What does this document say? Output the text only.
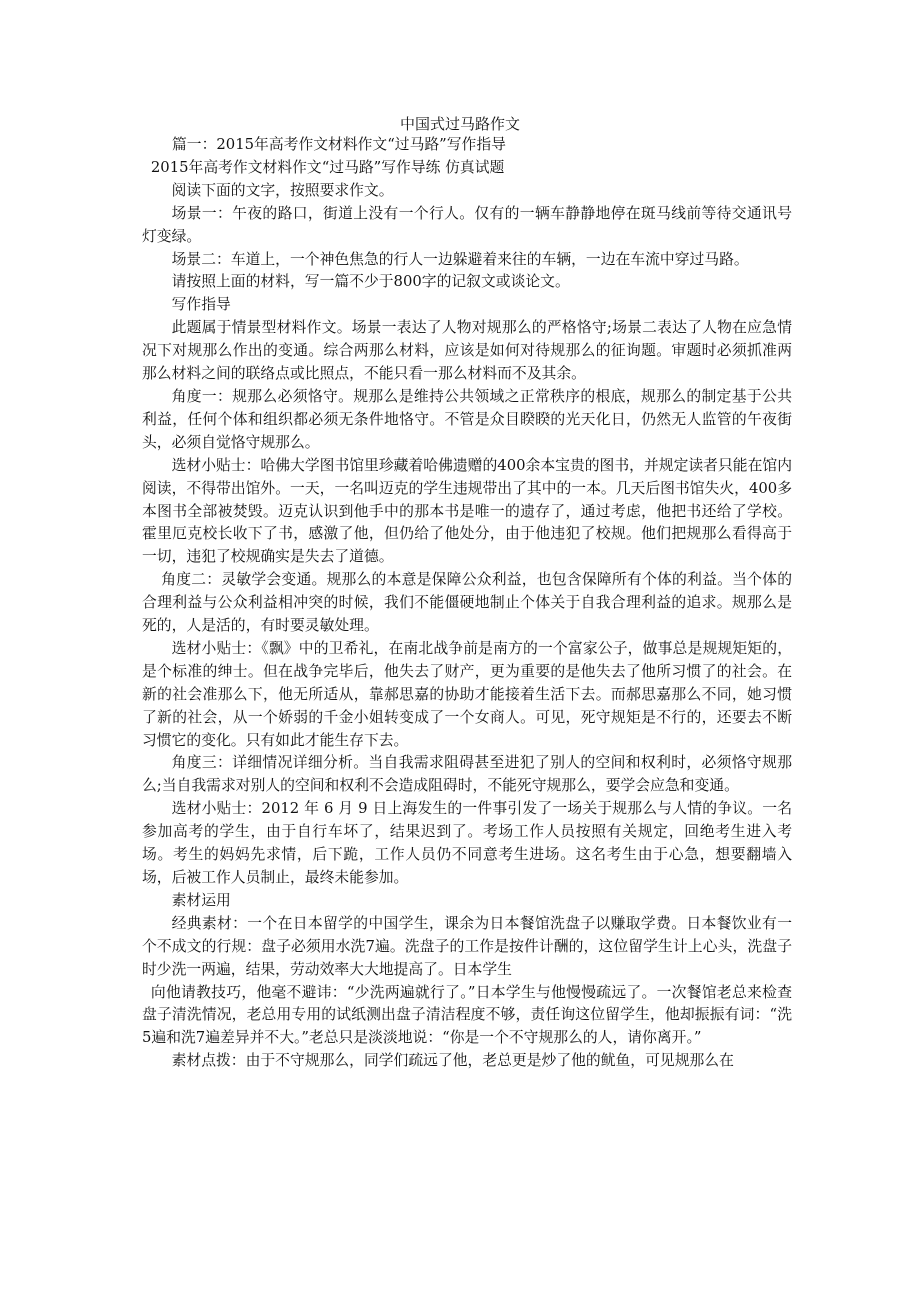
中国式过马路作文

篇一：2015年高考作文材料作文“过马路”写作指导

2015年高考作文材料作文“过马路”写作导练 仿真试题

阅读下面的文字，按照要求作文。

场景一：午夜的路口，街道上没有一个行人。仅有的一辆车静静地停在斑马线前等待交通讯号灯变绿。

场景二：车道上，一个神色焦急的行人一边躲避着来往的车辆，一边在车流中穿过马路。

请按照上面的材料，写一篇不少于800字的记叙文或谈论文。

写作指导

此题属于情景型材料作文。场景一表达了人物对规那么的严格恪守;场景二表达了人物在应急情况下对规那么作出的变通。综合两那么材料，应该是如何对待规那么的征询题。审题时必须抓准两那么材料之间的联络点或比照点，不能只看一那么材料而不及其余。

角度一：规那么必须恪守。规那么是维持公共领域之正常秩序的根底，规那么的制定基于公共利益，任何个体和组织都必须无条件地恪守。不管是众目睽睽的光天化日，仍然无人监管的午夜街头，必须自觉恪守规那么。

选材小贴士：哈佛大学图书馆里珍藏着哈佛遗赠的400余本宝贵的图书，并规定读者只能在馆内阅读，不得带出馆外。一天，一名叫迈克的学生违规带出了其中的一本。几天后图书馆失火，400多本图书全部被焚毁。迈克认识到他手中的那本书是唯一的遗存了，通过考虑，他把书还给了学校。霍里厄克校长收下了书，感激了他，但仍给了他处分，由于他违犯了校规。他们把规那么看得高于一切，违犯了校规确实是失去了道德。

角度二：灵敏学会变通。规那么的本意是保障公众利益，也包含保障所有个体的利益。当个体的合理利益与公众利益相冲突的时候，我们不能僵硬地制止个体关于自我合理利益的追求。规那么是死的，人是活的，有时要灵敏处理。

选材小贴士：《飘》中的卫希礼，在南北战争前是南方的一个富家公子，做事总是规规矩矩的，是个标准的绅士。但在战争完毕后，他失去了财产，更为重要的是他失去了他所习惯了的社会。在新的社会准那么下，他无所适从，靠郝思嘉的协助才能接着生活下去。而郝思嘉那么不同，她习惯了新的社会，从一个娇弱的千金小姐转变成了一个女商人。可见，死守规矩是不行的，还要去不断习惯它的变化。只有如此才能生存下去。

角度三：详细情况详细分析。当自我需求阻碍甚至进犯了别人的空间和权利时，必须恪守规那么;当自我需求对别人的空间和权利不会造成阻碍时，不能死守规那么，要学会应急和变通。

选材小贴士：2012 年 6 月 9 日上海发生的一件事引发了一场关于规那么与人情的争议。一名参加高考的学生，由于自行车坏了，结果迟到了。考场工作人员按照有关规定，回绝考生进入考场。考生的妈妈先求情，后下跪，工作人员仍不同意考生进场。这名考生由于心急，想要翻墙入场，后被工作人员制止，最终未能参加。

素材运用

经典素材：一个在日本留学的中国学生，课余为日本餐馆洗盘子以赚取学费。日本餐饮业有一个不成文的行规：盘子必须用水洗7遍。洗盘子的工作是按件计酬的，这位留学生计上心头，洗盘子时少洗一两遍，结果，劳动效率大大地提高了。日本学生

向他请教技巧，他毫不避讳：“少洗两遍就行了。”日本学生与他慢慢疏远了。一次餐馆老总来检查盘子清洗情况，老总用专用的试纸测出盘子清洁程度不够，责任询这位留学生，他却振振有词：“洗5遍和洗7遍差异并不大。”老总只是淡淡地说：“你是一个不守规那么的人，请你离开。”

素材点拨：由于不守规那么，同学们疏远了他，老总更是炒了他的鱿鱼，可见规那么在
